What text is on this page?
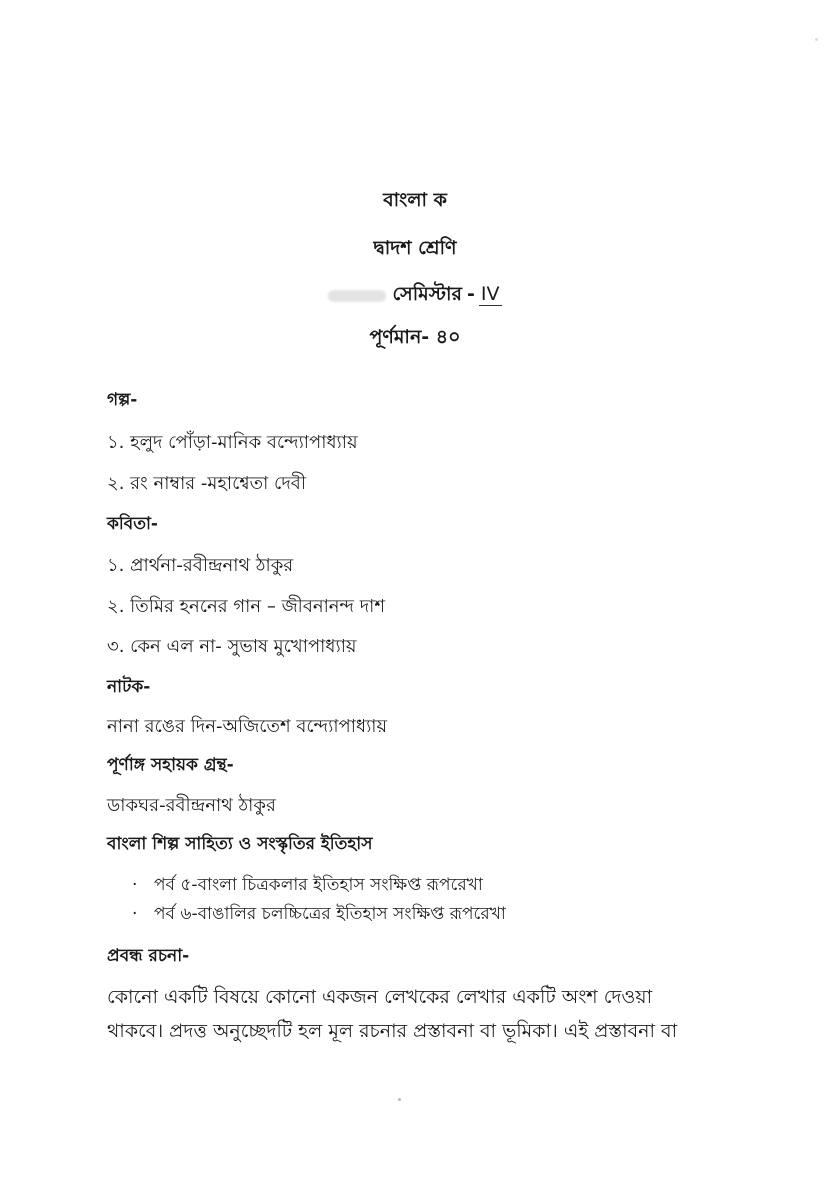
বাংলা ক
দ্বাদশ শ্রেণি
সেমিস্টার - IV
পূর্ণমান- ৪০
গল্প-
১. হলুদ পোঁড়া-মানিক বন্দ্যোপাধ্যায়
২. রং নাম্বার -মহাশ্বেতা দেবী
কবিতা-
১. প্রার্থনা-রবীন্দ্রনাথ ঠাকুর
২. তিমির হননের গান – জীবনানন্দ দাশ
৩. কেন এল না- সুভাষ মুখোপাধ্যায়
নাটক-
নানা রঙের দিন-অজিতেশ বন্দ্যোপাধ্যায়
পূর্ণাঙ্গ সহায়ক গ্রন্থ-
ডাকঘর-রবীন্দ্রনাথ ঠাকুর
বাংলা শিল্প সাহিত্য ও সংস্কৃতির ইতিহাস
· পর্ব ৫-বাংলা চিত্রকলার ইতিহাস সংক্ষিপ্ত রূপরেখা
· পর্ব ৬-বাঙালির চলচ্চিত্রের ইতিহাস সংক্ষিপ্ত রূপরেখা
প্রবন্ধ রচনা-
কোনো একটি বিষয়ে কোনো একজন লেখকের লেখার একটি অংশ দেওয়া
থাকবে। প্রদত্ত অনুচ্ছেদটি হল মূল রচনার প্রস্তাবনা বা ভূমিকা। এই প্রস্তাবনা বা
